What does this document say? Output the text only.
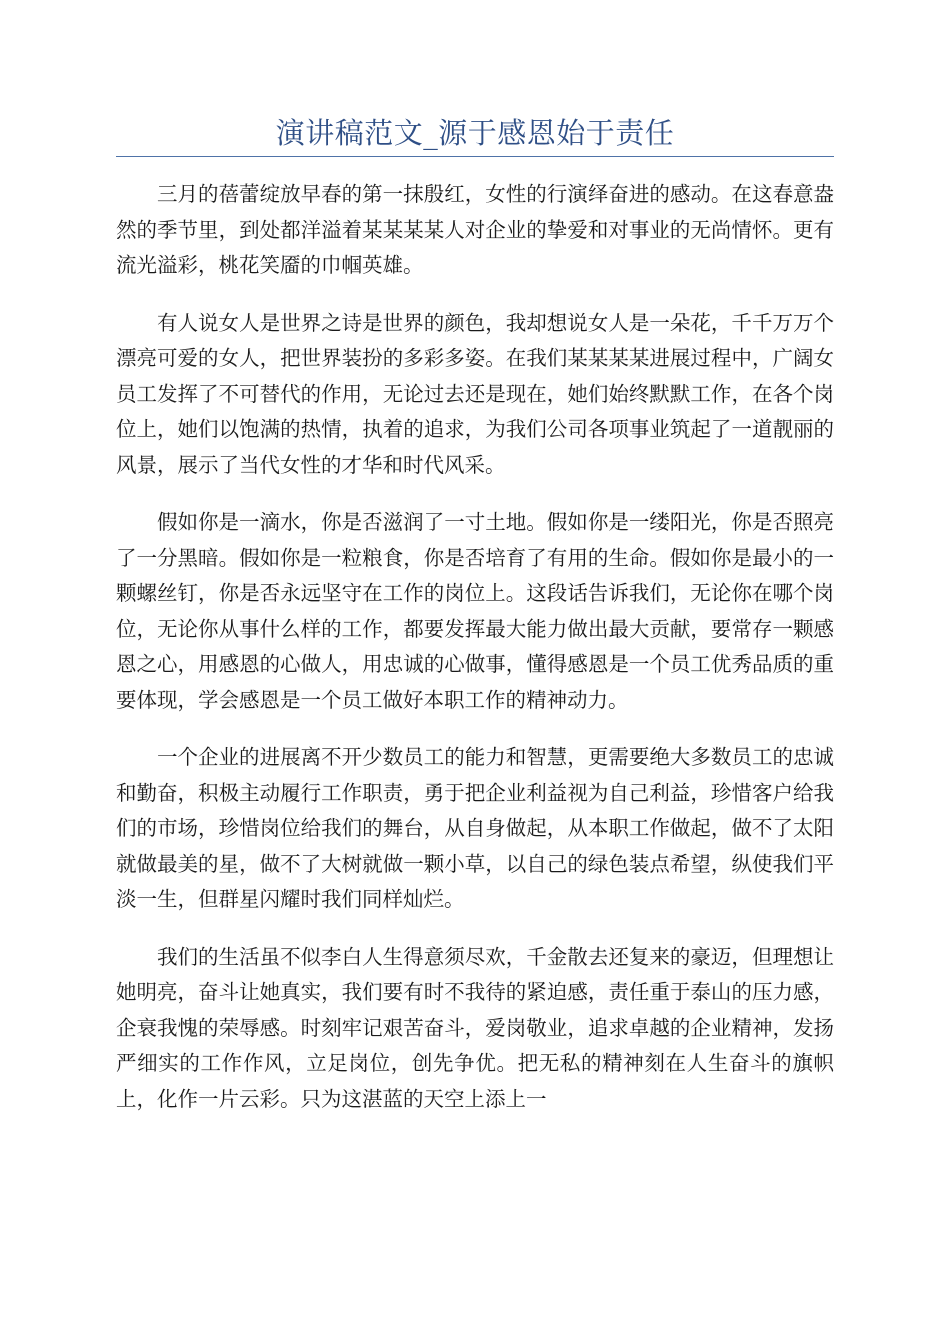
演讲稿范文_源于感恩始于责任

三月的蓓蕾绽放早春的第一抹殷红，女性的行演绎奋进的感动。在这春意盎然的季节里，到处都洋溢着某某某某人对企业的挚爱和对事业的无尚情怀。更有流光溢彩，桃花笑靥的巾帼英雄。

有人说女人是世界之诗是世界的颜色，我却想说女人是一朵花，千千万万个漂亮可爱的女人，把世界装扮的多彩多姿。在我们某某某某进展过程中，广阔女员工发挥了不可替代的作用，无论过去还是现在，她们始终默默工作，在各个岗位上，她们以饱满的热情，执着的追求，为我们公司各项事业筑起了一道靓丽的风景，展示了当代女性的才华和时代风采。

假如你是一滴水，你是否滋润了一寸土地。假如你是一缕阳光，你是否照亮了一分黑暗。假如你是一粒粮食，你是否培育了有用的生命。假如你是最小的一颗螺丝钉，你是否永远坚守在工作的岗位上。这段话告诉我们，无论你在哪个岗位，无论你从事什么样的工作，都要发挥最大能力做出最大贡献，要常存一颗感恩之心，用感恩的心做人，用忠诚的心做事，懂得感恩是一个员工优秀品质的重要体现，学会感恩是一个员工做好本职工作的精神动力。

一个企业的进展离不开少数员工的能力和智慧，更需要绝大多数员工的忠诚和勤奋，积极主动履行工作职责，勇于把企业利益视为自己利益，珍惜客户给我们的市场，珍惜岗位给我们的舞台，从自身做起，从本职工作做起，做不了太阳就做最美的星，做不了大树就做一颗小草，以自己的绿色装点希望，纵使我们平淡一生，但群星闪耀时我们同样灿烂。

我们的生活虽不似李白人生得意须尽欢，千金散去还复来的豪迈，但理想让她明亮，奋斗让她真实，我们要有时不我待的紧迫感，责任重于泰山的压力感，企衰我愧的荣辱感。时刻牢记艰苦奋斗，爱岗敬业，追求卓越的企业精神，发扬严细实的工作作风，立足岗位，创先争优。把无私的精神刻在人生奋斗的旗帜上，化作一片云彩。只为这湛蓝的天空上添上一
